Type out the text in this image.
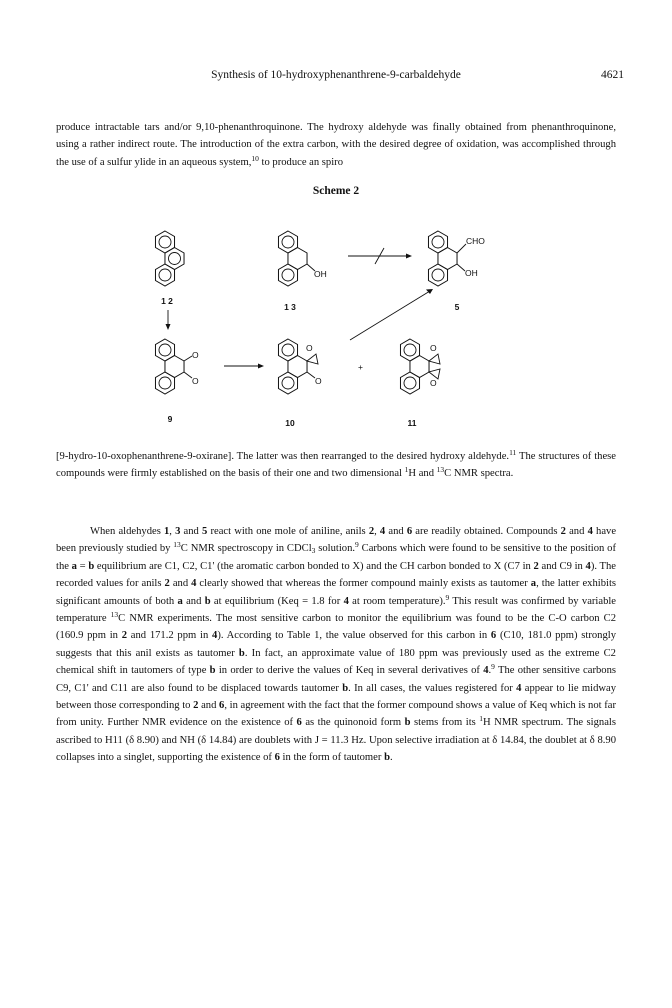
Synthesis of 10-hydroxyphenanthrene-9-carbaldehyde	4621

produce intractable tars and/or 9,10-phenanthroquinone. The hydroxy aldehyde was finally obtained from phenanthroquinone, using a rather indirect route. The introduction of the extra carbon, with the desired degree of oxidation, was accomplished through the use of a sulfur ylide in an aqueous system,$^{10}$ to produce an spiro

Scheme 2
1 2
OH
1 3
CHO
OH
5
O
O
9
O
O
10
+
O
O
11

[9-hydro-10-oxophenanthrene-9-oxirane]. The latter was then rearranged to the desired hydroxy aldehyde.$^{11}$ The structures of these compounds were firmly established on the basis of their one and two dimensional $^1$H and $^{13}$C NMR spectra.

When aldehydes 1, 3 and 5 react with one mole of aniline, anils 2, 4 and 6 are readily obtained. Compounds 2 and 4 have been previously studied by $^{13}$C NMR spectroscopy in CDCl$_3$ solution.$^9$ Carbons which were found to be sensitive to the position of the a = b equilibrium are C1, C2, C1' (the aromatic carbon bonded to X) and the CH carbon bonded to X (C7 in 2 and C9 in 4). The recorded values for anils 2 and 4 clearly showed that whereas the former compound mainly exists as tautomer a, the latter exhibits significant amounts of both a and b at equilibrium (Keq = 1.8 for 4 at room temperature).$^9$ This result was confirmed by variable temperature $^{13}$C NMR experiments. The most sensitive carbon to monitor the equilibrium was found to be the C-O carbon C2 (160.9 ppm in 2 and 171.2 ppm in 4). According to Table 1, the value observed for this carbon in 6 (C10, 181.0 ppm) strongly suggests that this anil exists as tautomer b. In fact, an approximate value of 180 ppm was previously used as the extreme C2 chemical shift in tautomers of type b in order to derive the values of Keq in several derivatives of 4.$^9$ The other sensitive carbons C9, C1' and C11 are also found to be displaced towards tautomer b. In all cases, the values registered for 4 appear to lie midway between those corresponding to 2 and 6, in agreement with the fact that the former compound shows a value of Keq which is not far from unity. Further NMR evidence on the existence of 6 as the quinonoid form b stems from its $^1$H NMR spectrum. The signals ascribed to H11 (δ 8.90) and NH (δ 14.84) are doublets with J = 11.3 Hz. Upon selective irradiation at δ 14.84, the doublet at δ 8.90 collapses into a singlet, supporting the existence of 6 in the form of tautomer b.
